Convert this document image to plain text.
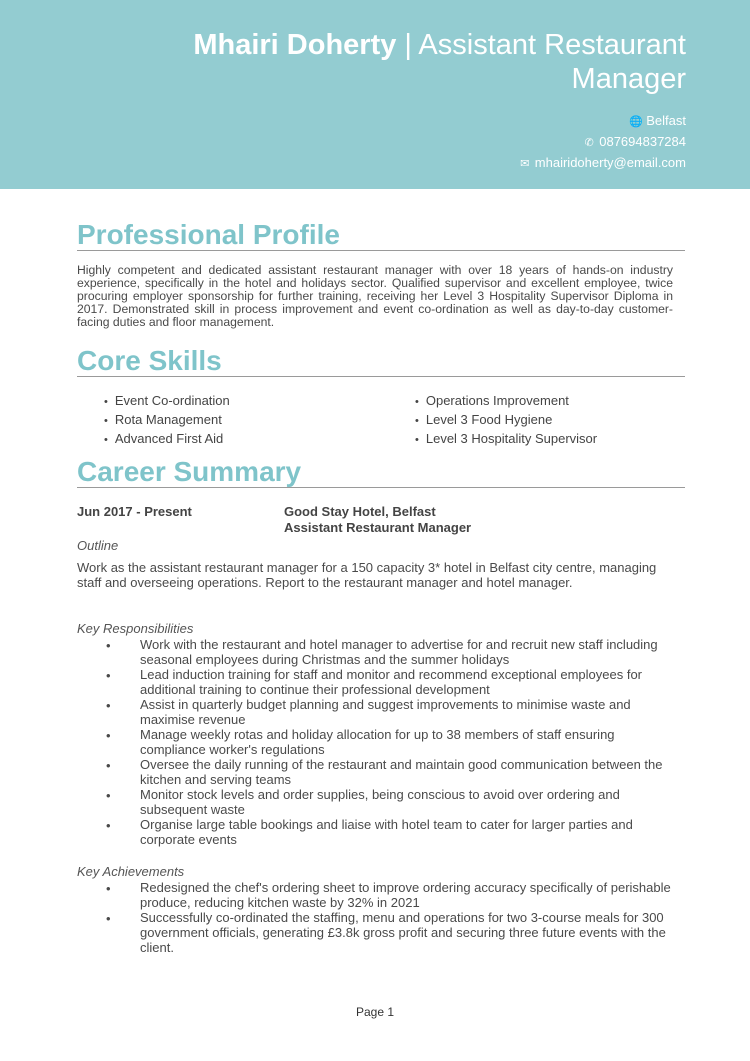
Mhairi Doherty | Assistant Restaurant Manager
🌐 Belfast
✆ 087694837284
✉ mhairidoherty@email.com
Professional Profile
Highly competent and dedicated assistant restaurant manager with over 18 years of hands-on industry experience, specifically in the hotel and holidays sector. Qualified supervisor and excellent employee, twice procuring employer sponsorship for further training, receiving her Level 3 Hospitality Supervisor Diploma in 2017. Demonstrated skill in process improvement and event co-ordination as well as day-to-day customer-facing duties and floor management.
Core Skills
• Event Co-ordination
• Rota Management
• Advanced First Aid
• Operations Improvement
• Level 3 Food Hygiene
• Level 3 Hospitality Supervisor
Career Summary
Jun 2017 - Present	Good Stay Hotel, Belfast
Assistant Restaurant Manager
Outline
Work as the assistant restaurant manager for a 150 capacity 3* hotel in Belfast city centre, managing staff and overseeing operations. Report to the restaurant manager and hotel manager.
Key Responsibilities
• Work with the restaurant and hotel manager to advertise for and recruit new staff including seasonal employees during Christmas and the summer holidays
• Lead induction training for staff and monitor and recommend exceptional employees for additional training to continue their professional development
• Assist in quarterly budget planning and suggest improvements to minimise waste and maximise revenue
• Manage weekly rotas and holiday allocation for up to 38 members of staff ensuring compliance worker's regulations
• Oversee the daily running of the restaurant and maintain good communication between the kitchen and serving teams
• Monitor stock levels and order supplies, being conscious to avoid over ordering and subsequent waste
• Organise large table bookings and liaise with hotel team to cater for larger parties and corporate events
Key Achievements
• Redesigned the chef's ordering sheet to improve ordering accuracy specifically of perishable produce, reducing kitchen waste by 32% in 2021
• Successfully co-ordinated the staffing, menu and operations for two 3-course meals for 300 government officials, generating £3.8k gross profit and securing three future events with the client.
Page 1
